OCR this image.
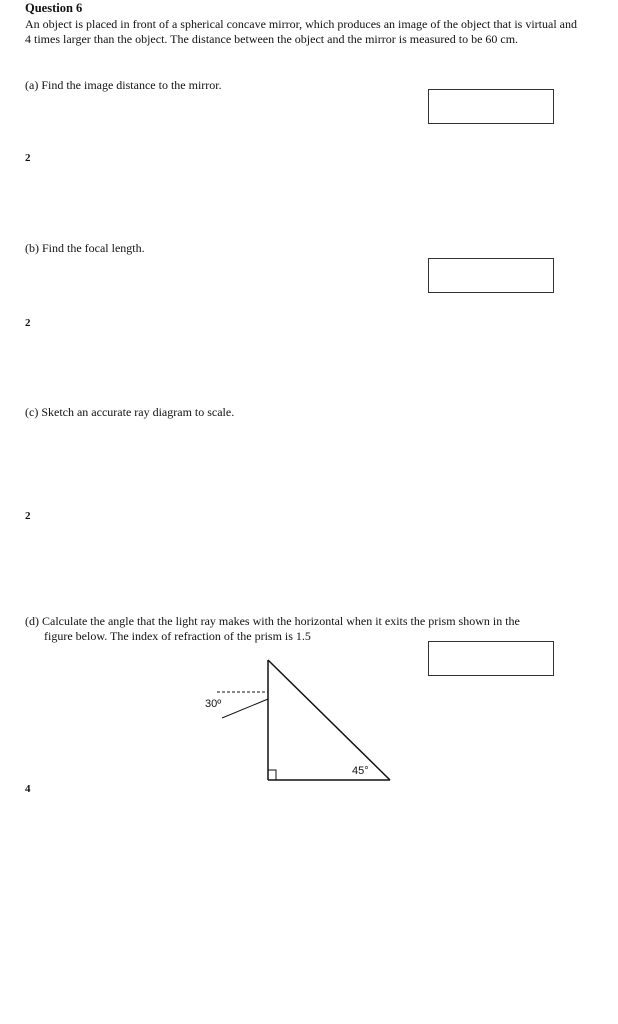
Question 6
An object is placed in front of a spherical concave mirror, which produces an image of the object that is virtual and 4 times larger than the object. The distance between the object and the mirror is measured to be 60 cm.
(a) Find the image distance to the mirror.
2
(b) Find the focal length.
2
(c) Sketch an accurate ray diagram to scale.
2
(d) Calculate the angle that the light ray makes with the horizontal when it exits the prism shown in the
figure below. The index of refraction of the prism is 1.5
4
30º
45°
